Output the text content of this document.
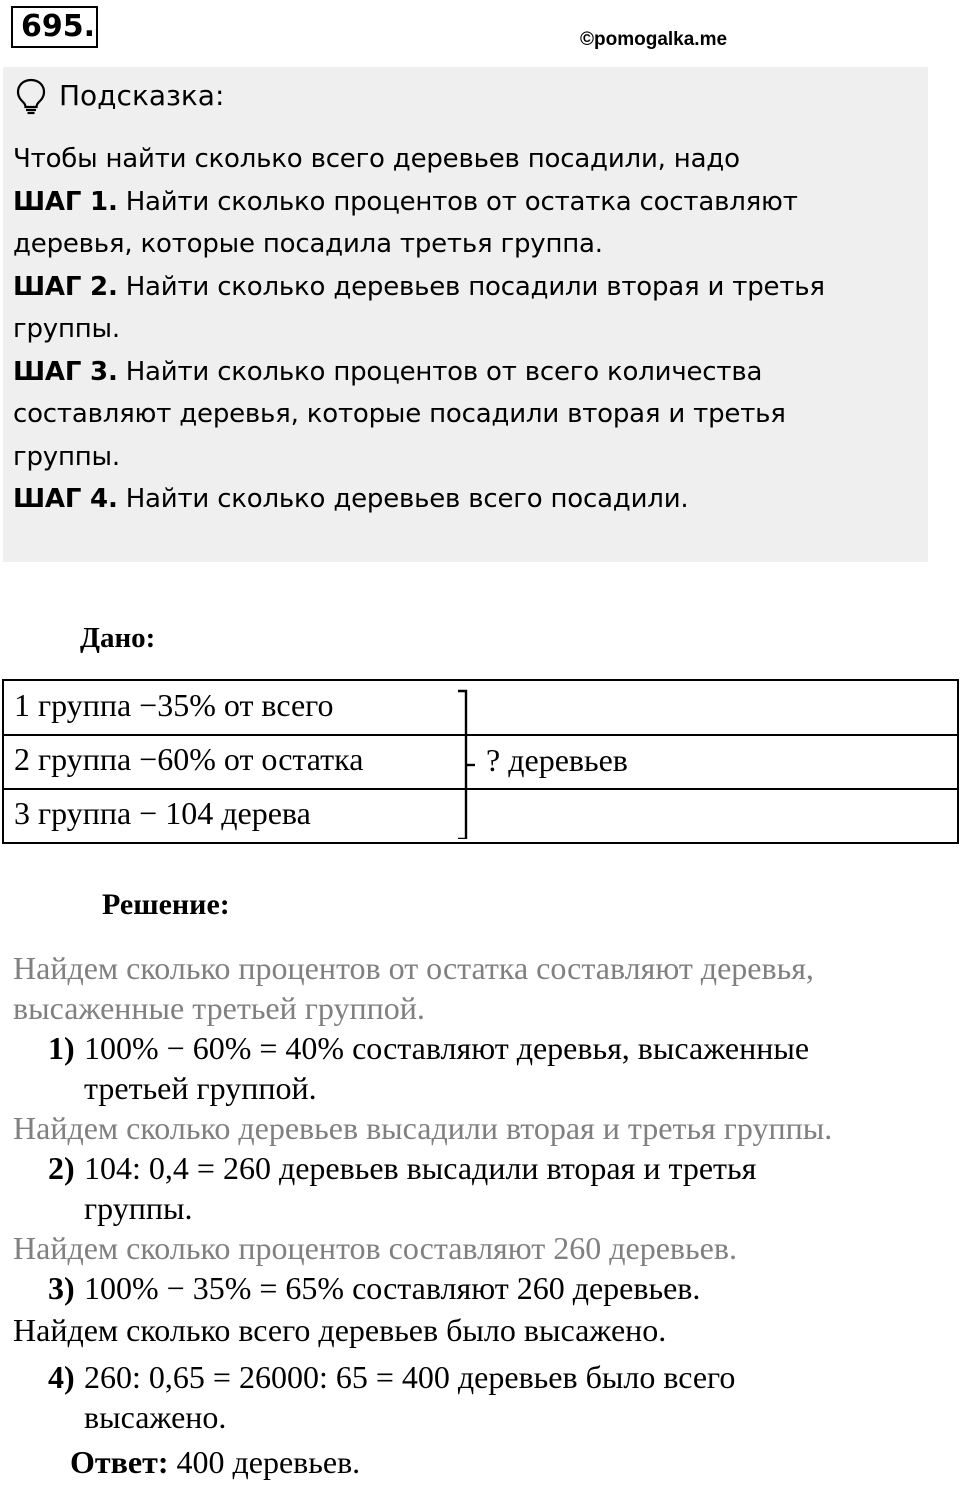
695.	©pomogalka.me
Подсказка:
Чтобы найти сколько всего деревьев посадили, надо
ШАГ 1. Найти сколько процентов от остатка составляют
деревья, которые посадила третья группа.
ШАГ 2. Найти сколько деревьев посадили вторая и третья
группы.
ШАГ 3. Найти сколько процентов от всего количества
составляют деревья, которые посадили вторая и третья
группы.
ШАГ 4. Найти сколько деревьев всего посадили.
Дано:
1 группа −35% от всего
2 группа −60% от остатка
3 группа − 104 дерева
? деревьев
Решение:
Найдем сколько процентов от остатка составляют деревья,
высаженные третьей группой.
1) 100% − 60% = 40% составляют деревья, высаженные
третьей группой.
Найдем сколько деревьев высадили вторая и третья группы.
2) 104: 0,4 = 260 деревьев высадили вторая и третья
группы.
Найдем сколько процентов составляют 260 деревьев.
3) 100% − 35% = 65% составляют 260 деревьев.
Найдем сколько всего деревьев было высажено.
4) 260: 0,65 = 26000: 65 = 400 деревьев было всего
высажено.
Ответ: 400 деревьев.
